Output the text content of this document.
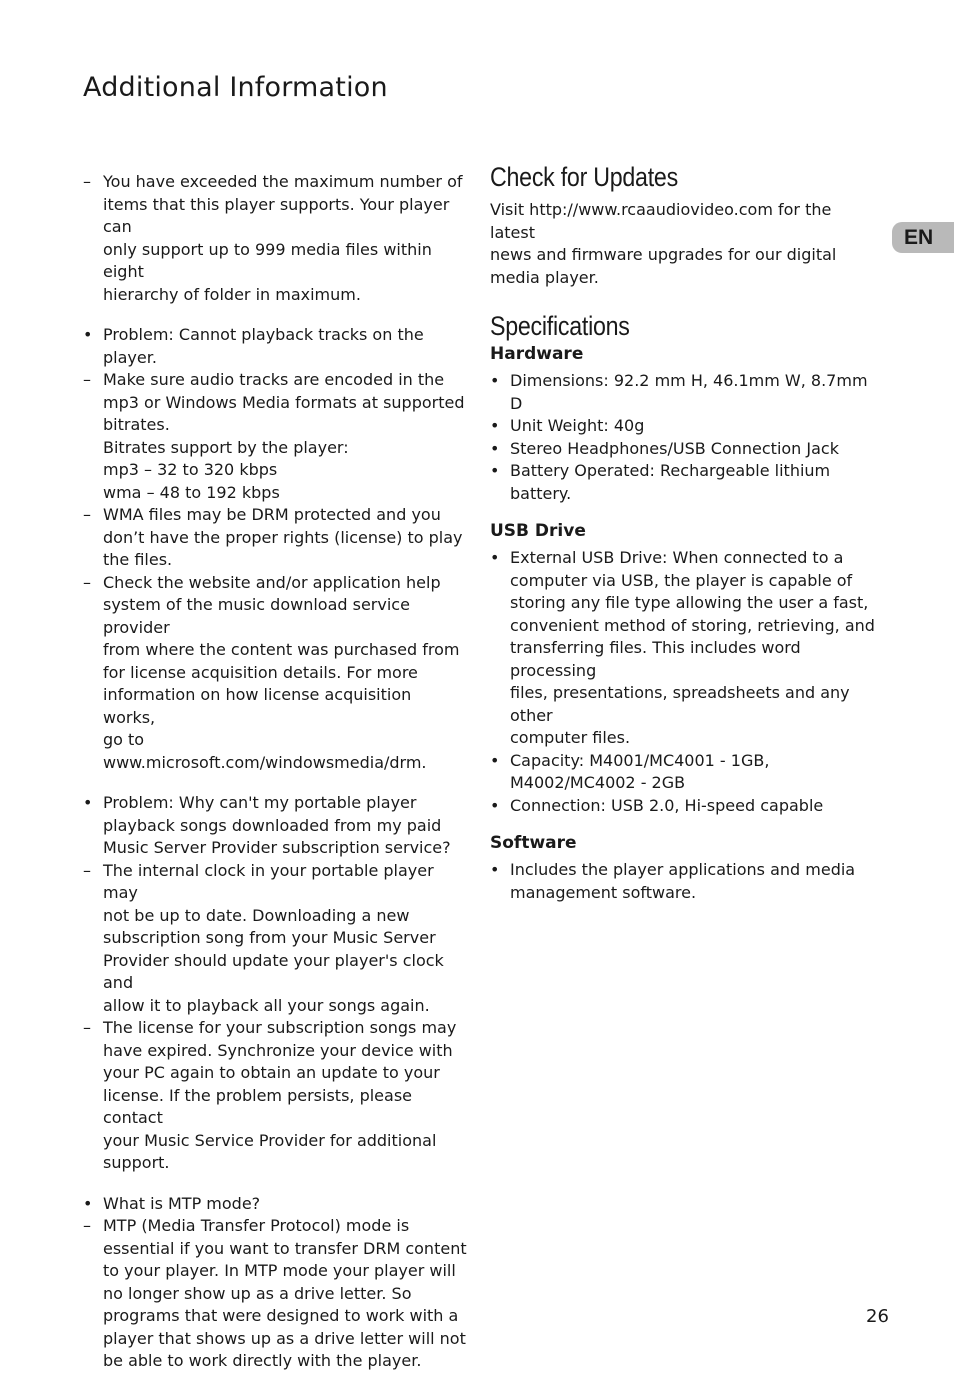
Additional Information
– You have exceeded the maximum number of
items that this player supports. Your player can
only support up to 999 media files within eight
hierarchy of folder in maximum.
• Problem: Cannot playback tracks on the player.
– Make sure audio tracks are encoded in the
mp3 or Windows Media formats at supported
bitrates.
Bitrates support by the player:
mp3 – 32 to 320 kbps
wma – 48 to 192 kbps
– WMA files may be DRM protected and you
don’t have the proper rights (license) to play
the files.
– Check the website and/or application help
system of the music download service provider
from where the content was purchased from
for license acquisition details. For more
information on how license acquisition works,
go to www.microsoft.com/windowsmedia/drm.
• Problem: Why can't my portable player
playback songs downloaded from my paid
Music Server Provider subscription service?
– The internal clock in your portable player may
not be up to date. Downloading a new
subscription song from your Music Server
Provider should update your player's clock and
allow it to playback all your songs again.
– The license for your subscription songs may
have expired. Synchronize your device with
your PC again to obtain an update to your
license. If the problem persists, please contact
your Music Service Provider for additional
support.
• What is MTP mode?
– MTP (Media Transfer Protocol) mode is
essential if you want to transfer DRM content
to your player. In MTP mode your player will
no longer show up as a drive letter. So
programs that were designed to work with a
player that shows up as a drive letter will not
be able to work directly with the player.
Check for Updates
Visit http://www.rcaaudiovideo.com for the latest
news and firmware upgrades for our digital
media player.
Specifications
Hardware
• Dimensions: 92.2 mm H, 46.1mm W, 8.7mm D
• Unit Weight: 40g
• Stereo Headphones/USB Connection Jack
• Battery Operated: Rechargeable lithium
battery.
USB Drive
• External USB Drive: When connected to a
computer via USB, the player is capable of
storing any file type allowing the user a fast,
convenient method of storing, retrieving, and
transferring files. This includes word processing
files, presentations, spreadsheets and any other
computer files.
• Capacity: M4001/MC4001 - 1GB,
M4002/MC4002 - 2GB
• Connection: USB 2.0, Hi-speed capable
Software
• Includes the player applications and media
management software.
EN
26
